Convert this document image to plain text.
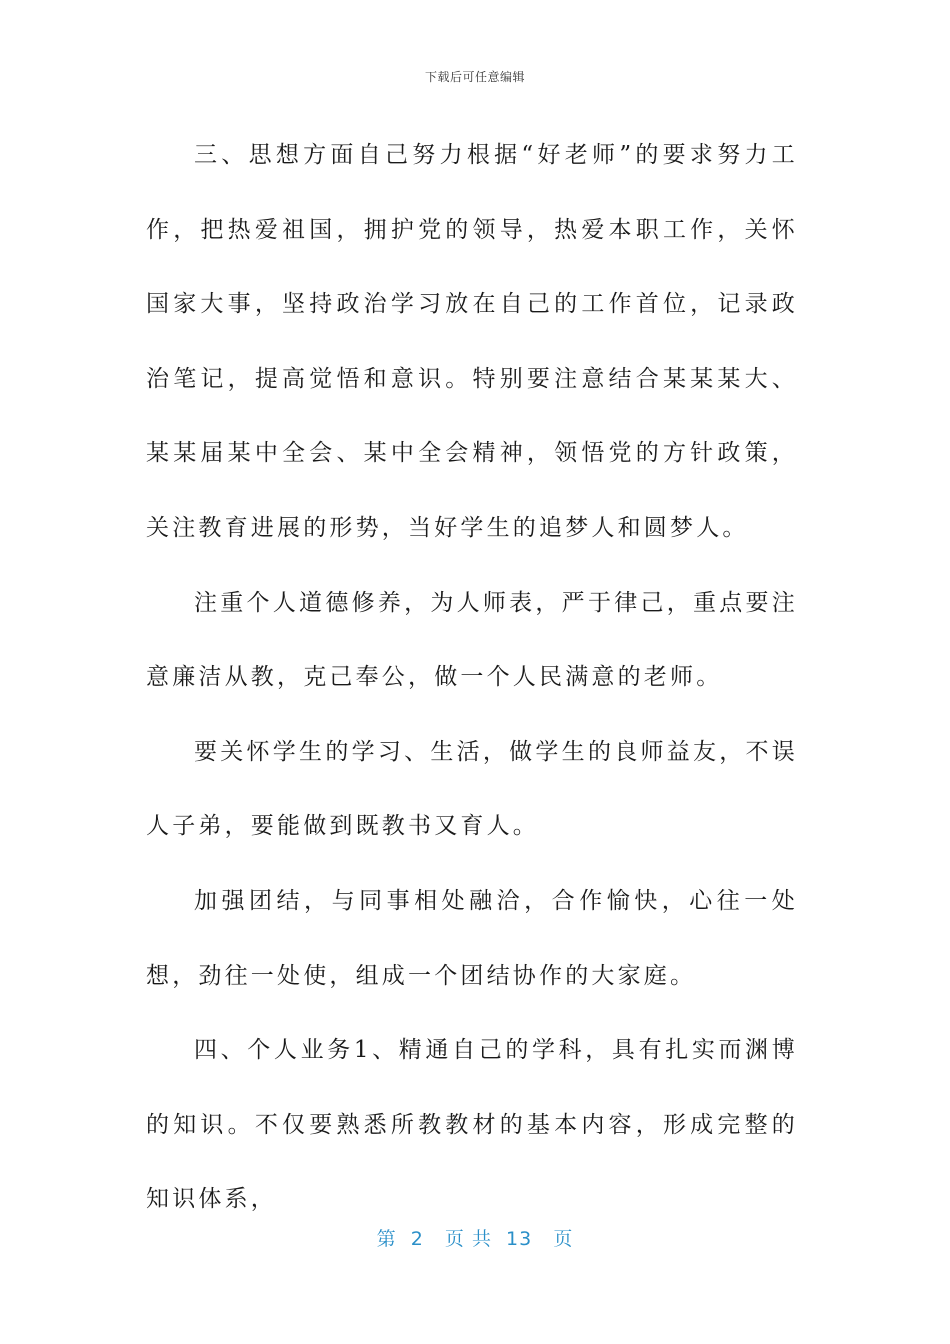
下载后可任意编辑

三、思想方面自己努力根据“好老师”的要求努力工作，把热爱祖国，拥护党的领导，热爱本职工作，关怀国家大事，坚持政治学习放在自己的工作首位，记录政治笔记，提高觉悟和意识。特别要注意结合某某某大、某某届某中全会、某中全会精神，领悟党的方针政策，关注教育进展的形势，当好学生的追梦人和圆梦人。

注重个人道德修养，为人师表，严于律己，重点要注意廉洁从教，克己奉公，做一个人民满意的老师。

要关怀学生的学习、生活，做学生的良师益友，不误人子弟，要能做到既教书又育人。

加强团结，与同事相处融洽，合作愉快，心往一处想，劲往一处使，组成一个团结协作的大家庭。

四、个人业务1、精通自己的学科，具有扎实而渊博的知识。不仅要熟悉所教教材的基本内容，形成完整的知识体系，

第  2   页 共  13   页
